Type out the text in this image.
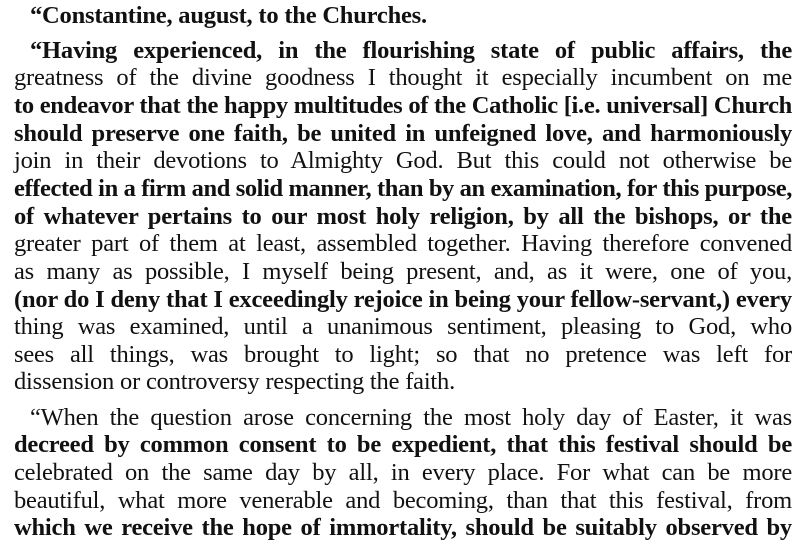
“Constantine, august, to the Churches.
“Having experienced, in the flourishing state of public affairs, the
greatness of the divine goodness I thought it especially incumbent on me
to endeavor that the happy multitudes of the Catholic [i.e. universal] Church
should preserve one faith, be united in unfeigned love, and harmoniously
join in their devotions to Almighty God. But this could not otherwise be
effected in a firm and solid manner, than by an examination, for this purpose,
of whatever pertains to our most holy religion, by all the bishops, or the
greater part of them at least, assembled together. Having therefore convened
as many as possible, I myself being present, and, as it were, one of you,
(nor do I deny that I exceedingly rejoice in being your fellow-servant,) every
thing was examined, until a unanimous sentiment, pleasing to God, who
sees all things, was brought to light; so that no pretence was left for
dissension or controversy respecting the faith.
“When the question arose concerning the most holy day of Easter, it was
decreed by common consent to be expedient, that this festival should be
celebrated on the same day by all, in every place. For what can be more
beautiful, what more venerable and becoming, than that this festival, from
which we receive the hope of immortality, should be suitably observed by
